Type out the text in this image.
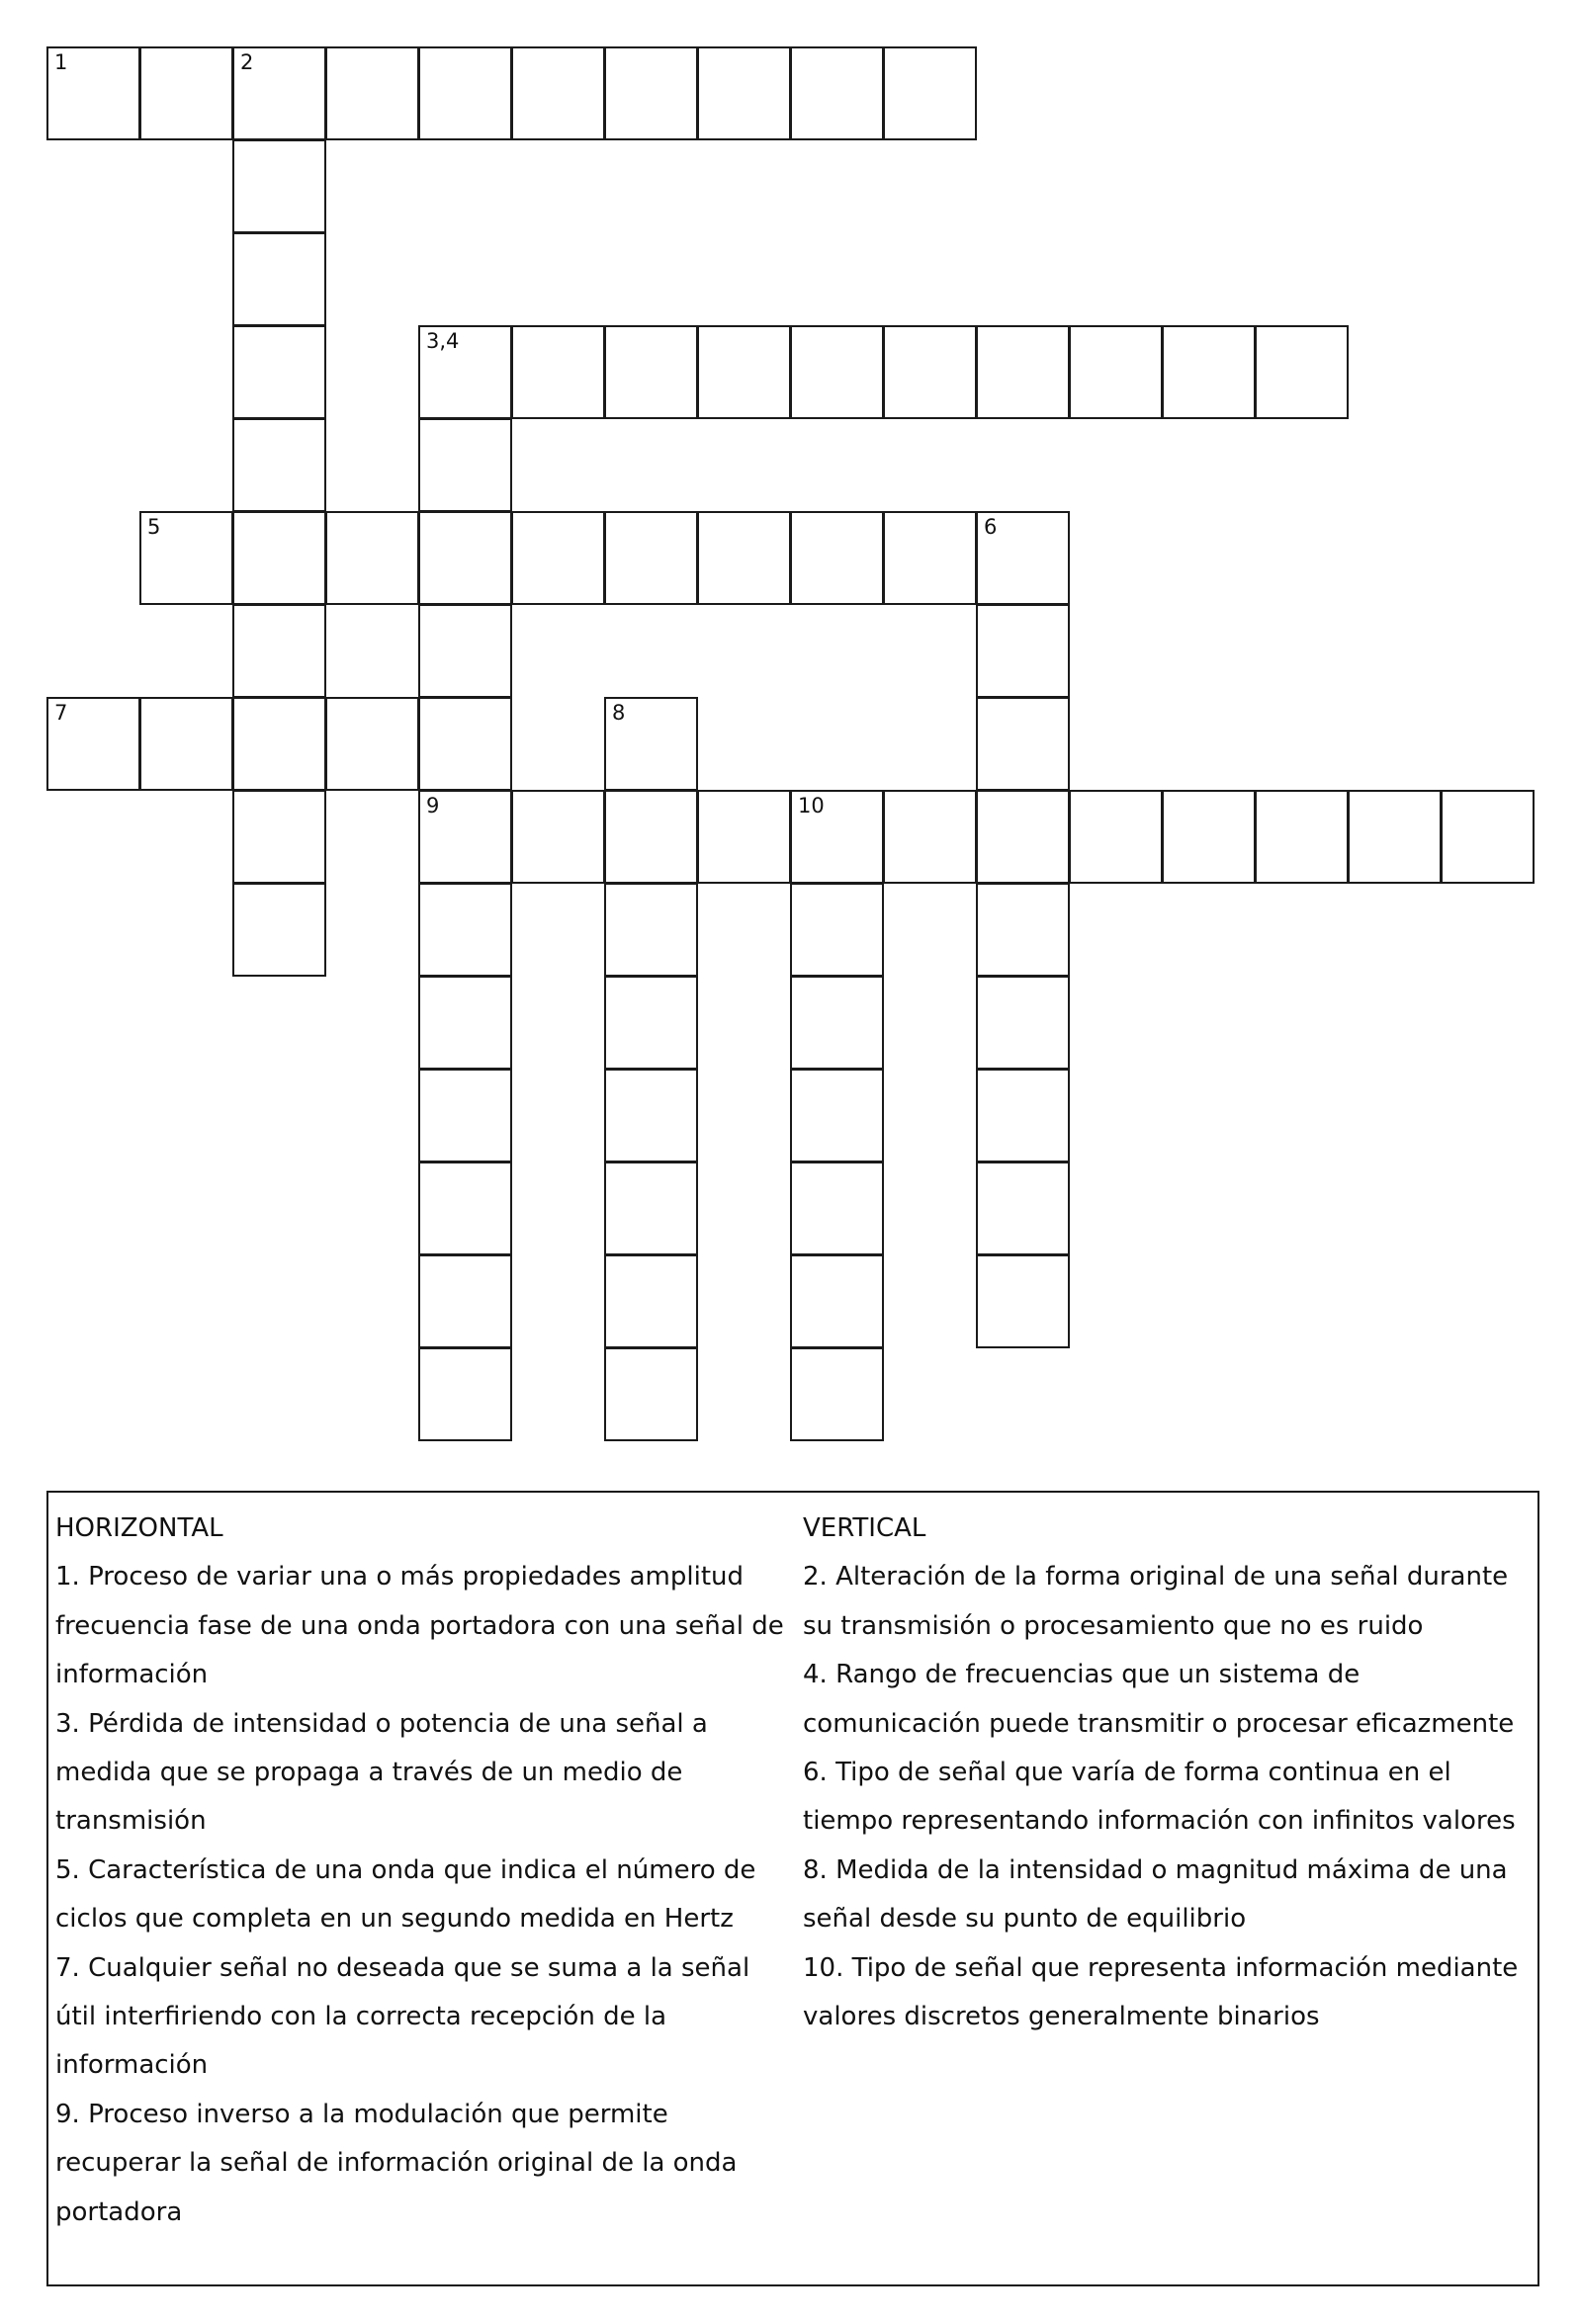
1	2
3,4
5	6
7
9	10
8

HORIZONTAL

1. Proceso de variar una o más propiedades amplitud frecuencia fase de una onda portadora con una señal de información

3. Pérdida de intensidad o potencia de una señal a medida que se propaga a través de un medio de transmisión

5. Característica de una onda que indica el número de ciclos que completa en un segundo medida en Hertz

7. Cualquier señal no deseada que se suma a la señal útil interfiriendo con la correcta recepción de la información

9. Proceso inverso a la modulación que permite recuperar la señal de información original de la onda portadora

VERTICAL

2. Alteración de la forma original de una señal durante su transmisión o procesamiento que no es ruido

4. Rango de frecuencias que un sistema de comunicación puede transmitir o procesar eficazmente

6. Tipo de señal que varía de forma continua en el tiempo representando información con infinitos valores

8. Medida de la intensidad o magnitud máxima de una señal desde su punto de equilibrio

10. Tipo de señal que representa información mediante valores discretos generalmente binarios
